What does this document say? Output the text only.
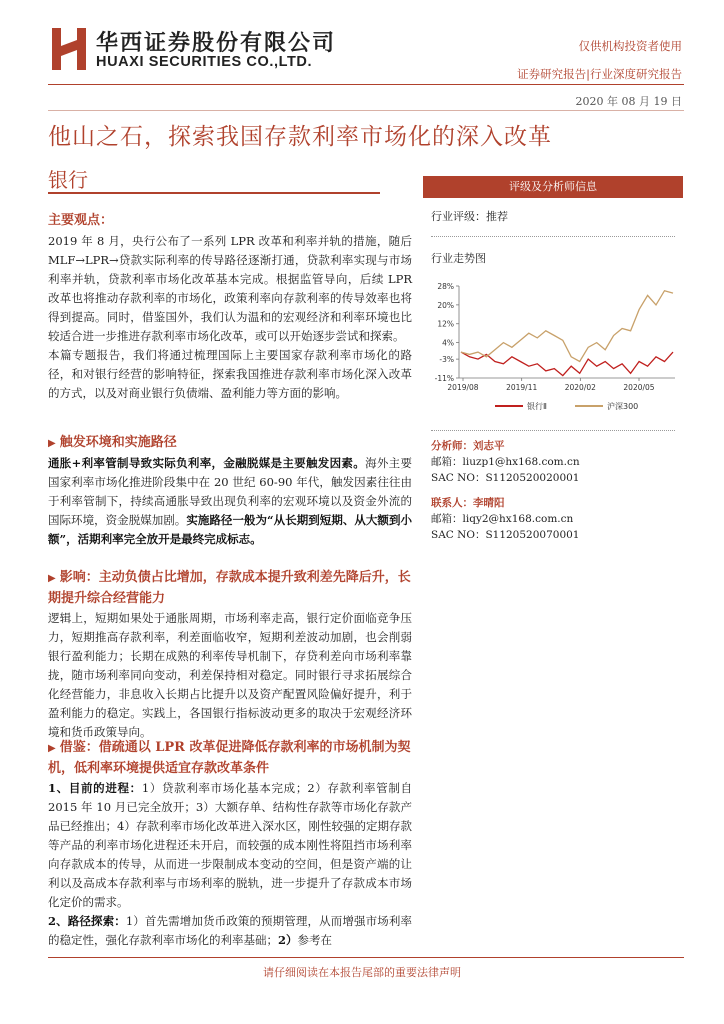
华西证券股份有限公司
HUAXI SECURITIES CO.,LTD.
仅供机构投资者使用
证券研究报告|行业深度研究报告
2020 年 08 月 19 日
他山之石，探索我国存款利率市场化的深入改革
银行
主要观点：

2019 年 8 月，央行公布了一系列 LPR 改革和利率并轨的措施，随后 MLF→LPR→贷款实际利率的传导路径逐渐打通，贷款利率实现与市场利率并轨，贷款利率市场化改革基本完成。根据监管导向，后续 LPR 改革也将推动存款利率的市场化，政策利率向存款利率的传导效率也将得到提高。同时，借鉴国外，我们认为温和的宏观经济和利率环境也比较适合进一步推进存款利率市场化改革，或可以开始逐步尝试和探索。

本篇专题报告，我们将通过梳理国际上主要国家存款利率市场化的路径，和对银行经营的影响特征，探索我国推进存款利率市场化深入改革的方式，以及对商业银行负债端、盈利能力等方面的影响。

▶ 触发环境和实施路径

通胀+利率管制导致实际负利率，金融脱媒是主要触发因素。海外主要国家利率市场化推进阶段集中在 20 世纪 60-90 年代，触发因素往往由于利率管制下，持续高通胀导致出现负利率的宏观环境以及资金外流的国际环境，资金脱媒加剧。实施路径一般为“从长期到短期、从大额到小额”，活期利率完全放开是最终完成标志。

▶ 影响：主动负债占比增加，存款成本提升致利差先降后升，长期提升综合经营能力

逻辑上，短期如果处于通胀周期，市场利率走高，银行定价面临竞争压力，短期推高存款利率，利差面临收窄，短期利差波动加剧，也会削弱银行盈利能力；长期在成熟的利率传导机制下，存贷利差向市场利率靠拢，随市场利率同向变动，利差保持相对稳定。同时银行寻求拓展综合化经营能力，非息收入长期占比提升以及资产配置风险偏好提升，利于盈利能力的稳定。实践上，各国银行指标波动更多的取决于宏观经济环境和货币政策导向。

▶ 借鉴：借疏通以 LPR 改革促进降低存款利率的市场机制为契机，低利率环境提供适宜存款改革条件

1、目前的进程：1）贷款利率市场化基本完成；2）存款利率管制自 2015 年 10 月已完全放开；3）大额存单、结构性存款等市场化存款产品已经推出；4）存款利率市场化改革进入深水区，刚性较强的定期存款等产品的利率市场化进程还未开启，而较强的成本刚性将阻挡市场利率向存款成本的传导，从而进一步限制成本变动的空间，但是资产端的让利以及高成本存款利率与市场利率的脱轨，进一步提升了存款成本市场化定价的需求。

2、路径探索：1）首先需增加货币政策的预期管理，从而增强市场利率的稳定性，强化存款利率市场化的利率基础；2）参考在

评级及分析师信息
行业评级：推荐
行业走势图
28%
20%
12%
4%
-3%
-11%
2019/08	2019/11	2020/02	2020/05
银行Ⅱ	沪深300
分析师：刘志平
邮箱：liuzp1@hx168.com.cn
SAC NO：S1120520020001
联系人：李晴阳
邮箱：liqy2@hx168.com.cn
SAC NO：S1120520070001
请仔细阅读在本报告尾部的重要法律声明
